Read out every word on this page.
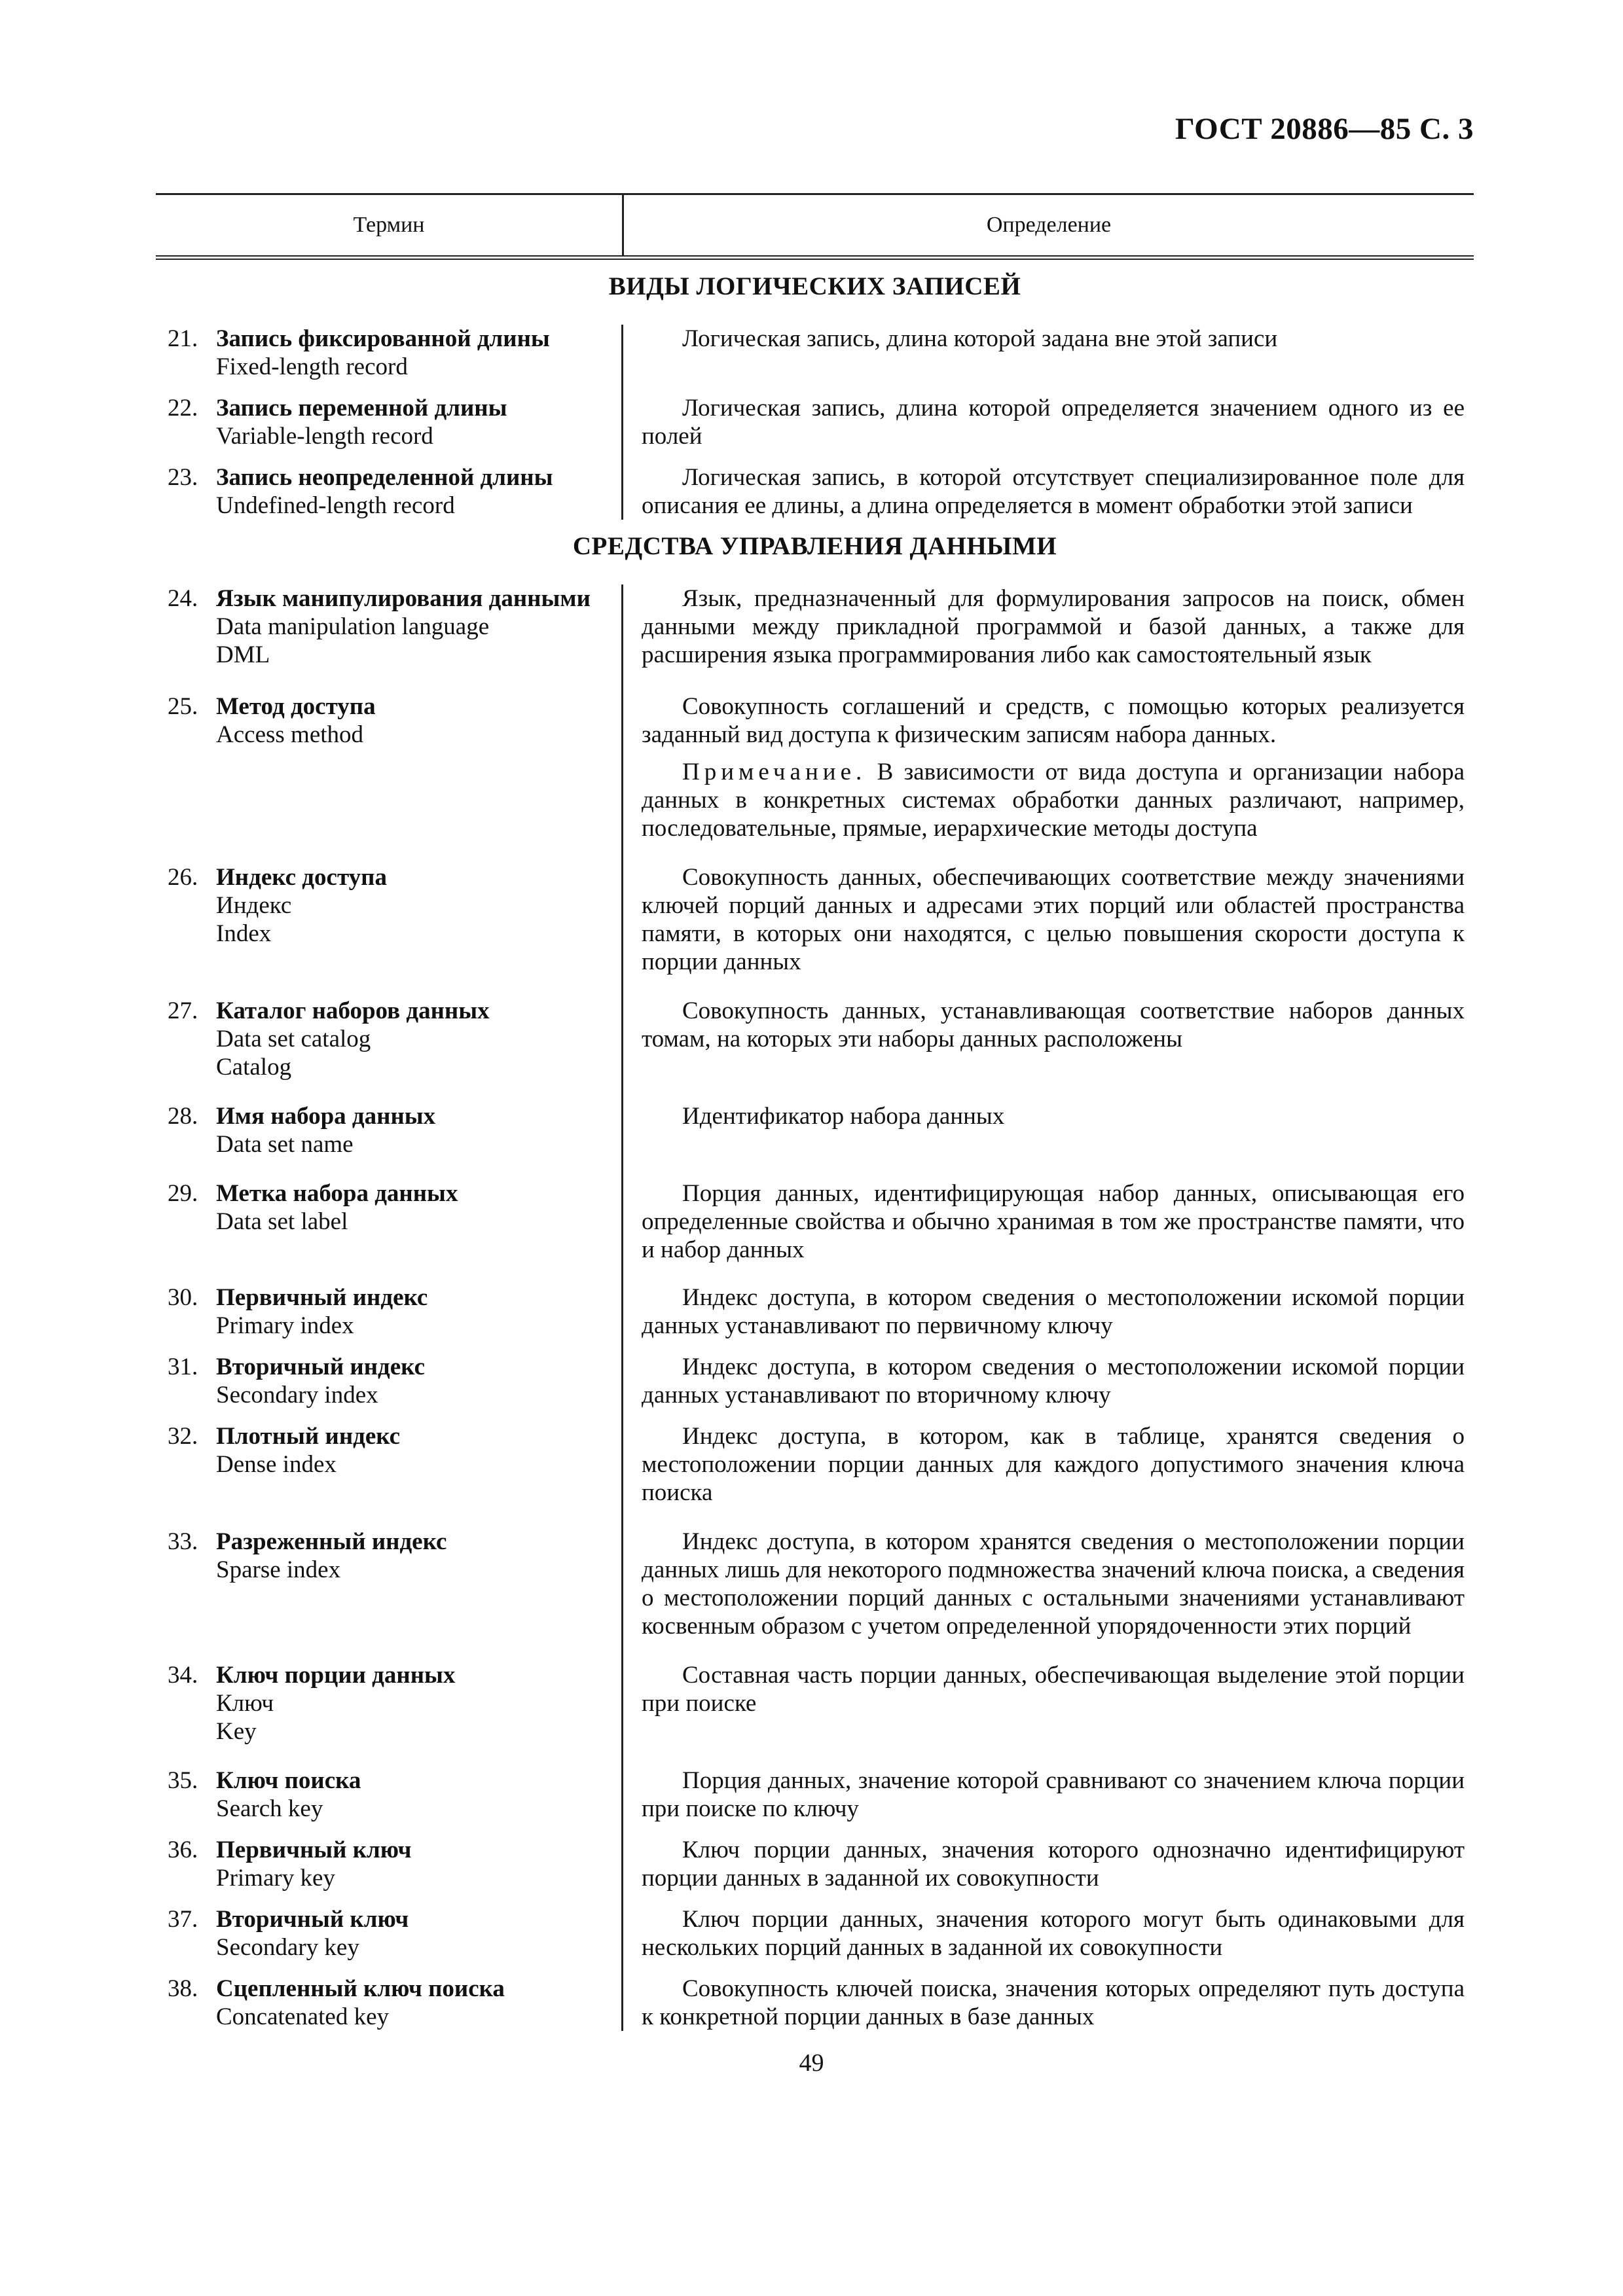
ГОСТ 20886—85 С. 3
Термин	Определение
ВИДЫ ЛОГИЧЕСКИХ ЗАПИСЕЙ
21. Запись фиксированной длины
Fixed-length record

Логическая запись, длина которой задана вне этой записи

22. Запись переменной длины
Variable-length record

Логическая запись, длина которой определяется значением одного из ее полей

23. Запись неопределенной длины
Undefined-length record

Логическая запись, в которой отсутствует специализированное поле для описания ее длины, а длина определяется в момент обработки этой записи

СРЕДСТВА УПРАВЛЕНИЯ ДАННЫМИ
24. Язык манипулирования данными
Data manipulation language
DML

Язык, предназначенный для формулирования запросов на поиск, обмен данными между прикладной программой и базой данных, а также для расширения языка программирования либо как самостоятельный язык

25. Метод доступа
Access method

Совокупность соглашений и средств, с помощью которых реализуется заданный вид доступа к физическим записям набора данных.

Примечание. В зависимости от вида доступа и организации набора данных в конкретных системах обработки данных различают, например, последовательные, прямые, иерархические методы доступа

26. Индекс доступа
Индекс
Index

Совокупность данных, обеспечивающих соответствие между значениями ключей порций данных и адресами этих порций или областей пространства памяти, в которых они находятся, с целью повышения скорости доступа к порции данных

27. Каталог наборов данных
Data set catalog
Catalog

Совокупность данных, устанавливающая соответствие наборов данных томам, на которых эти наборы данных расположены

28. Имя набора данных
Data set name

Идентификатор набора данных

29. Метка набора данных
Data set label

Порция данных, идентифицирующая набор данных, описывающая его определенные свойства и обычно хранимая в том же пространстве памяти, что и набор данных

30. Первичный индекс
Primary index

Индекс доступа, в котором сведения о местоположении искомой порции данных устанавливают по первичному ключу

31. Вторичный индекс
Secondary index

Индекс доступа, в котором сведения о местоположении искомой порции данных устанавливают по вторичному ключу

32. Плотный индекс
Dense index

Индекс доступа, в котором, как в таблице, хранятся сведения о местоположении порции данных для каждого допустимого значения ключа поиска

33. Разреженный индекс
Sparse index

Индекс доступа, в котором хранятся сведения о местоположении порции данных лишь для некоторого подмножества значений ключа поиска, а сведения о местоположении порций данных с остальными значениями устанавливают косвенным образом с учетом определенной упорядоченности этих порций

34. Ключ порции данных
Ключ
Key

Составная часть порции данных, обеспечивающая выделение этой порции при поиске

35. Ключ поиска
Search key

Порция данных, значение которой сравнивают со значением ключа порции при поиске по ключу

36. Первичный ключ
Primary key

Ключ порции данных, значения которого однозначно идентифицируют порции данных в заданной их совокупности

37. Вторичный ключ
Secondary key

Ключ порции данных, значения которого могут быть одинаковыми для нескольких порций данных в заданной их совокупности

38. Сцепленный ключ поиска
Concatenated key

Совокупность ключей поиска, значения которых определяют путь доступа к конкретной порции данных в базе данных

49
